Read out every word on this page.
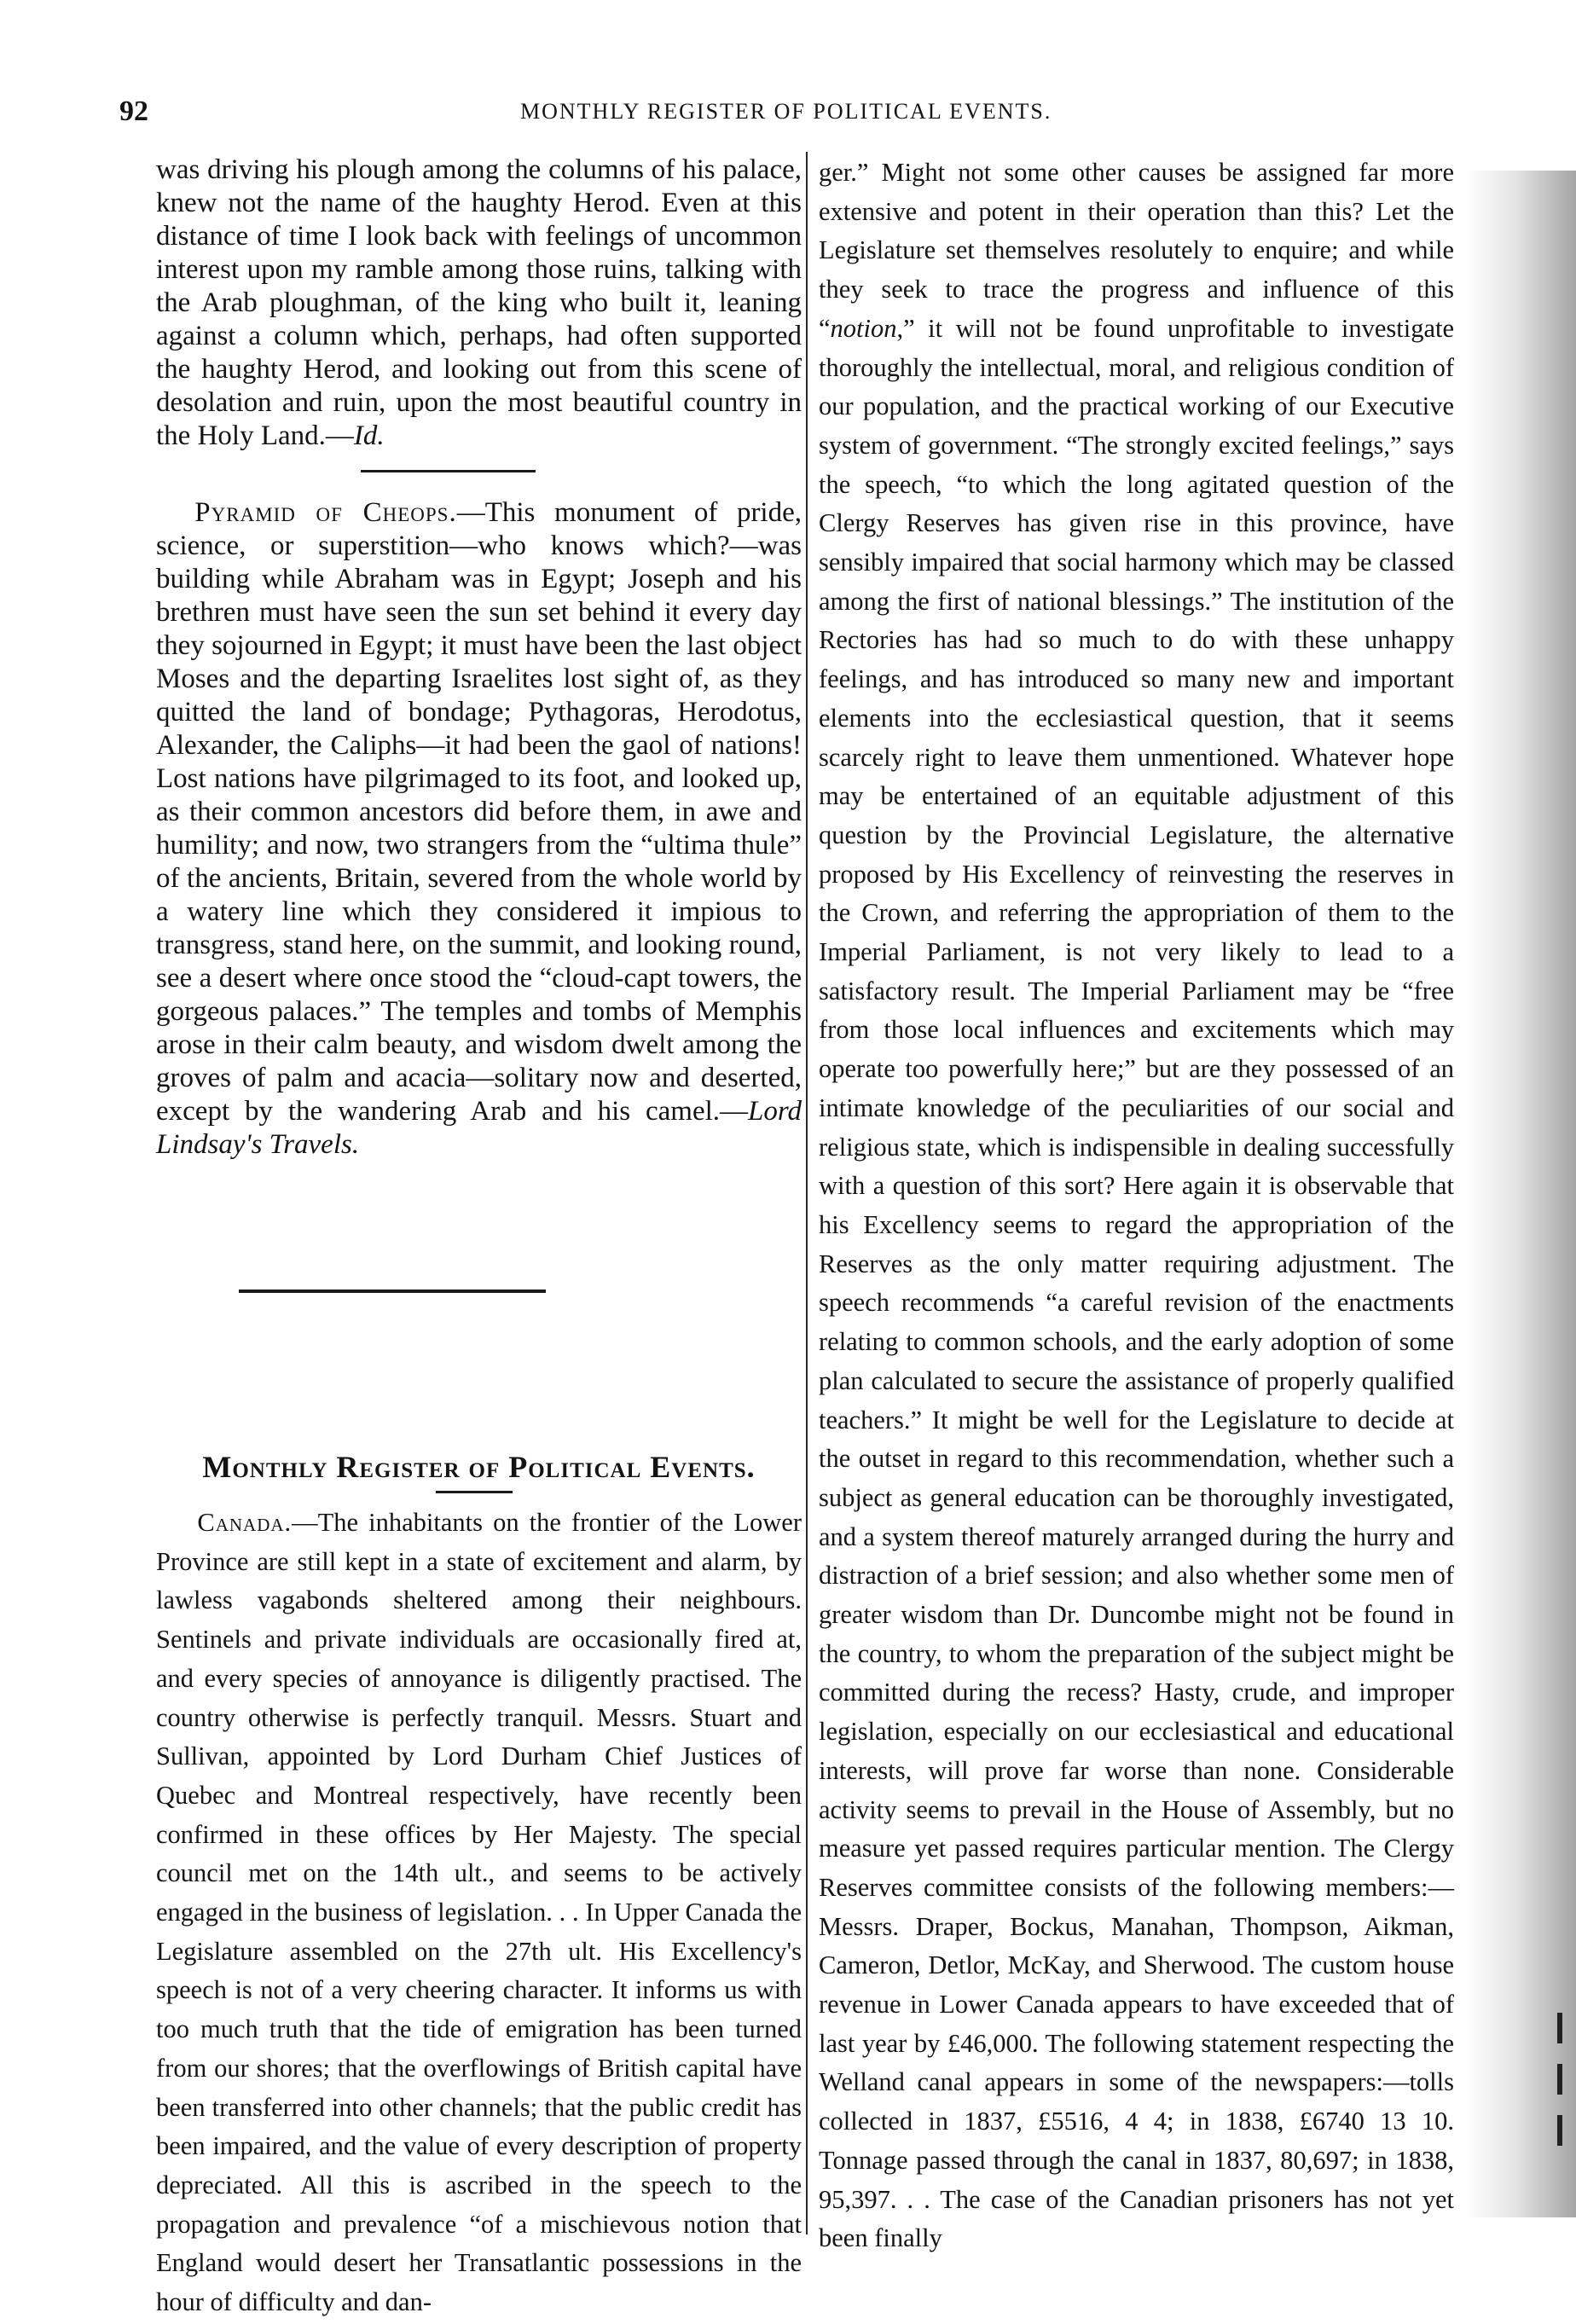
92	MONTHLY REGISTER OF POLITICAL EVENTS.

was driving his plough among the columns of his palace, knew not the name of the haughty Herod. Even at this distance of time I look back with feelings of uncommon interest upon my ramble among those ruins, talking with the Arab ploughman, of the king who built it, leaning against a column which, perhaps, had often supported the haughty Herod, and looking out from this scene of desolation and ruin, upon the most beautiful country in the Holy Land.—Id.

Pyramid of Cheops.—This monument of pride, science, or superstition—who knows which?—was building while Abraham was in Egypt; Joseph and his brethren must have seen the sun set behind it every day they sojourned in Egypt; it must have been the last object Moses and the departing Israelites lost sight of, as they quitted the land of bondage; Pythagoras, Herodotus, Alexander, the Caliphs—it had been the gaol of nations! Lost nations have pilgrimaged to its foot, and looked up, as their common ancestors did before them, in awe and humility; and now, two strangers from the “ultima thule” of the ancients, Britain, severed from the whole world by a watery line which they considered it impious to transgress, stand here, on the summit, and looking round, see a desert where once stood the “cloud-capt towers, the gorgeous palaces.” The temples and tombs of Memphis arose in their calm beauty, and wisdom dwelt among the groves of palm and acacia—solitary now and deserted, except by the wandering Arab and his camel.—Lord Lindsay's Travels.

Monthly Register of Political Events.

Canada.—The inhabitants on the frontier of the Lower Province are still kept in a state of excitement and alarm, by lawless vagabonds sheltered among their neighbours. Sentinels and private individuals are occasionally fired at, and every species of annoyance is diligently practised. The country otherwise is perfectly tranquil. Messrs. Stuart and Sullivan, appointed by Lord Durham Chief Justices of Quebec and Montreal respectively, have recently been confirmed in these offices by Her Majesty. The special council met on the 14th ult., and seems to be actively engaged in the business of legislation. . . In Upper Canada the Legislature assembled on the 27th ult. His Excellency's speech is not of a very cheering character. It informs us with too much truth that the tide of emigration has been turned from our shores; that the overflowings of British capital have been transferred into other channels; that the public credit has been impaired, and the value of every description of property depreciated. All this is ascribed in the speech to the propagation and prevalence “of a mischievous notion that England would desert her Transatlantic possessions in the hour of difficulty and dan-

ger.” Might not some other causes be assigned far more extensive and potent in their operation than this? Let the Legislature set themselves resolutely to enquire; and while they seek to trace the progress and influence of this “notion,” it will not be found unprofitable to investigate thoroughly the intellectual, moral, and religious condition of our population, and the practical working of our Executive system of government. “The strongly excited feelings,” says the speech, “to which the long agitated question of the Clergy Reserves has given rise in this province, have sensibly impaired that social harmony which may be classed among the first of national blessings.” The institution of the Rectories has had so much to do with these unhappy feelings, and has introduced so many new and important elements into the ecclesiastical question, that it seems scarcely right to leave them unmentioned. Whatever hope may be entertained of an equitable adjustment of this question by the Provincial Legislature, the alternative proposed by His Excellency of reinvesting the reserves in the Crown, and referring the appropriation of them to the Imperial Parliament, is not very likely to lead to a satisfactory result. The Imperial Parliament may be “free from those local influences and excitements which may operate too powerfully here;” but are they possessed of an intimate knowledge of the peculiarities of our social and religious state, which is indispensible in dealing successfully with a question of this sort? Here again it is observable that his Excellency seems to regard the appropriation of the Reserves as the only matter requiring adjustment. The speech recommends “a careful revision of the enactments relating to common schools, and the early adoption of some plan calculated to secure the assistance of properly qualified teachers.” It might be well for the Legislature to decide at the outset in regard to this recommendation, whether such a subject as general education can be thoroughly investigated, and a system thereof maturely arranged during the hurry and distraction of a brief session; and also whether some men of greater wisdom than Dr. Duncombe might not be found in the country, to whom the preparation of the subject might be committed during the recess? Hasty, crude, and improper legislation, especially on our ecclesiastical and educational interests, will prove far worse than none. Considerable activity seems to prevail in the House of Assembly, but no measure yet passed requires particular mention. The Clergy Reserves committee consists of the following members:—Messrs. Draper, Bockus, Manahan, Thompson, Aikman, Cameron, Detlor, McKay, and Sherwood. The custom house revenue in Lower Canada appears to have exceeded that of last year by £46,000. The following statement respecting the Welland canal appears in some of the newspapers:—tolls collected in 1837, £5516, 4 4; in 1838, £6740 13 10. Tonnage passed through the canal in 1837, 80,697; in 1838, 95,397. . . The case of the Canadian prisoners has not yet been finally
